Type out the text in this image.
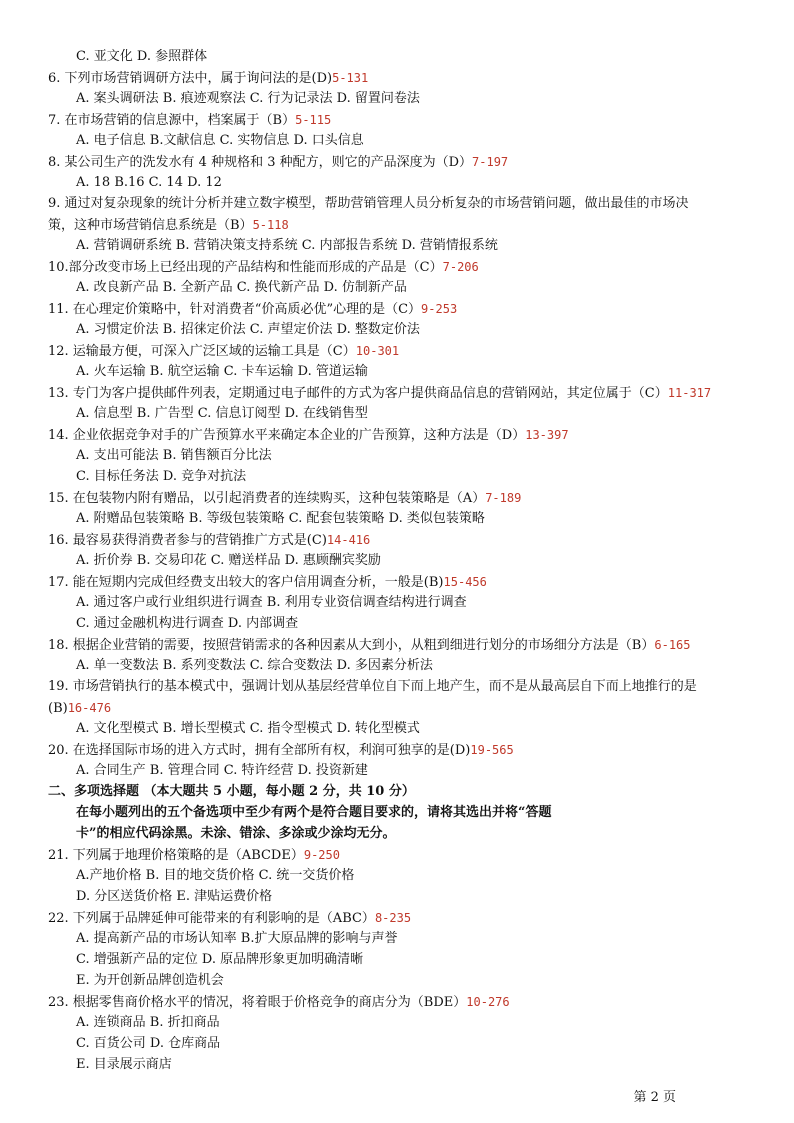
C. 亚文化 D. 参照群体
6. 下列市场营销调研方法中，属于询问法的是(D)5-131
A. 案头调研法 B. 痕迹观察法 C. 行为记录法 D. 留置问卷法
7. 在市场营销的信息源中，档案属于（B）5-115
A. 电子信息 B.文献信息 C. 实物信息 D. 口头信息
8. 某公司生产的洗发水有 4 种规格和 3 种配方，则它的产品深度为（D）7-197
A. 18 B.16 C. 14 D. 12
9. 通过对复杂现象的统计分析并建立数字模型，帮助营销管理人员分析复杂的市场营销问题，做出最佳的市场决
策，这种市场营销信息系统是（B）5-118
A. 营销调研系统 B. 营销决策支持系统 C. 内部报告系统 D. 营销情报系统
10.部分改变市场上已经出现的产品结构和性能而形成的产品是（C）7-206
A. 改良新产品 B. 全新产品 C. 换代新产品 D. 仿制新产品
11. 在心理定价策略中，针对消费者“价高质必优”心理的是（C）9-253
A. 习惯定价法 B. 招徕定价法 C. 声望定价法 D. 整数定价法
12. 运输最方便，可深入广泛区域的运输工具是（C）10-301
A. 火车运输 B. 航空运输 C. 卡车运输 D. 管道运输
13. 专门为客户提供邮件列表，定期通过电子邮件的方式为客户提供商品信息的营销网站，其定位属于（C）11-317
A. 信息型 B. 广告型 C. 信息订阅型 D. 在线销售型
14. 企业依据竞争对手的广告预算水平来确定本企业的广告预算，这种方法是（D）13-397
A. 支出可能法 B. 销售额百分比法
C. 目标任务法 D. 竞争对抗法
15. 在包装物内附有赠品，以引起消费者的连续购买，这种包装策略是（A）7-189
A. 附赠品包装策略 B. 等级包装策略 C. 配套包装策略 D. 类似包装策略
16. 最容易获得消费者参与的营销推广方式是(C)14-416
A. 折价券 B. 交易印花 C. 赠送样品 D. 惠顾酬宾奖励
17. 能在短期内完成但经费支出较大的客户信用调查分析，一般是(B)15-456
A. 通过客户或行业组织进行调查 B. 利用专业资信调查结构进行调查
C. 通过金融机构进行调查 D. 内部调查
18. 根据企业营销的需要，按照营销需求的各种因素从大到小，从粗到细进行划分的市场细分方法是（B）6-165
A. 单一变数法 B. 系列变数法 C. 综合变数法 D. 多因素分析法
19. 市场营销执行的基本模式中，强调计划从基层经营单位自下而上地产生，而不是从最高层自下而上地推行的是
(B)16-476
A. 文化型模式 B. 增长型模式 C. 指令型模式 D. 转化型模式
20. 在选择国际市场的进入方式时，拥有全部所有权，利润可独享的是(D)19-565
A. 合同生产 B. 管理合同 C. 特许经营 D. 投资新建
二、多项选择题 （本大题共 5 小题，每小题 2 分，共 10 分）
在每小题列出的五个备选项中至少有两个是符合题目要求的，请将其选出并将“答题
卡”的相应代码涂黑。未涂、错涂、多涂或少涂均无分。
21. 下列属于地理价格策略的是（ABCDE）9-250
A.产地价格 B. 目的地交货价格 C. 统一交货价格
D. 分区送货价格 E. 津贴运费价格
22. 下列属于品牌延伸可能带来的有利影响的是（ABC）8-235
A. 提高新产品的市场认知率 B.扩大原品牌的影响与声誉
C. 增强新产品的定位 D. 原品牌形象更加明确清晰
E. 为开创新品牌创造机会
23. 根据零售商价格水平的情况，将着眼于价格竞争的商店分为（BDE）10-276
A. 连锁商品 B. 折扣商品
C. 百货公司 D. 仓库商品
E. 目录展示商店
第 2 页
